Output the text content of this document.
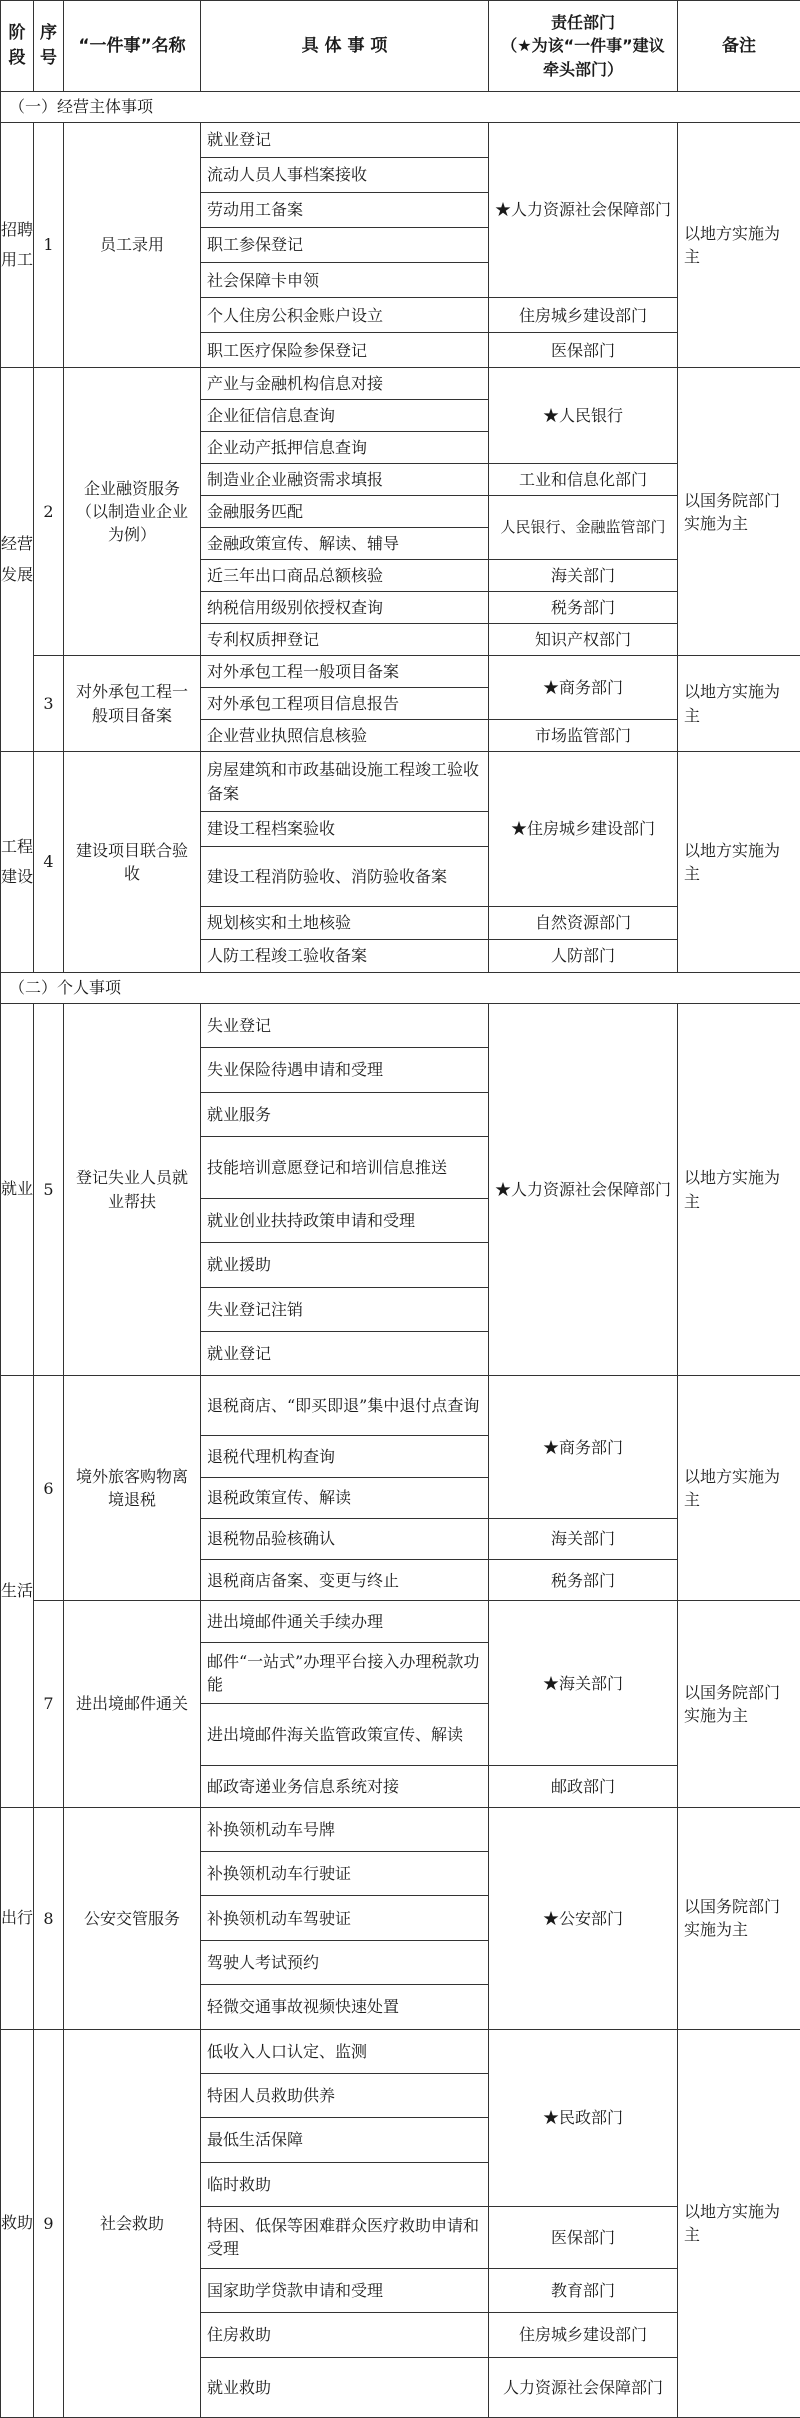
阶段	序号	“一件事”名称	具 体 事 项	责任部门
（★为该“一件事”建议牵头部门）	备注
（一）经营主体事项					
招聘用工	1	员工录用	就业登记	★人力资源社会保障部门	以地方实施为主
			流动人员人事档案接收		
			劳动用工备案		
			职工参保登记		
			社会保障卡申领		
			个人住房公积金账户设立	住房城乡建设部门	
			职工医疗保险参保登记	医保部门	
经营发展	2	企业融资服务（以制造业企业为例）	产业与金融机构信息对接	★人民银行	以国务院部门实施为主
			企业征信信息查询		
			企业动产抵押信息查询		
			制造业企业融资需求填报	工业和信息化部门	
			金融服务匹配	人民银行、金融监管部门	
			金融政策宣传、解读、辅导		
			近三年出口商品总额核验	海关部门	
			纳税信用级别依授权查询	税务部门	
			专利权质押登记	知识产权部门	
	3	对外承包工程一般项目备案	对外承包工程一般项目备案	★商务部门	以地方实施为主
			对外承包工程项目信息报告		
			企业营业执照信息核验	市场监管部门	
工程建设	4	建设项目联合验收	房屋建筑和市政基础设施工程竣工验收备案	★住房城乡建设部门	以地方实施为主
			建设工程档案验收		
			建设工程消防验收、消防验收备案		
			规划核实和土地核验	自然资源部门	
			人防工程竣工验收备案	人防部门	
（二）个人事项					
就业	5	登记失业人员就业帮扶	失业登记	★人力资源社会保障部门	以地方实施为主
			失业保险待遇申请和受理		
			就业服务		
			技能培训意愿登记和培训信息推送		
			就业创业扶持政策申请和受理		
			就业援助		
			失业登记注销		
			就业登记		
生活	6	境外旅客购物离境退税	退税商店、“即买即退”集中退付点查询	★商务部门	以地方实施为主
			退税代理机构查询		
			退税政策宣传、解读		
			退税物品验核确认	海关部门	
			退税商店备案、变更与终止	税务部门	
	7	进出境邮件通关	进出境邮件通关手续办理	★海关部门	以国务院部门实施为主
			邮件“一站式”办理平台接入办理税款功能		
			进出境邮件海关监管政策宣传、解读		
			邮政寄递业务信息系统对接	邮政部门	
出行	8	公安交管服务	补换领机动车号牌	★公安部门	以国务院部门实施为主
			补换领机动车行驶证		
			补换领机动车驾驶证		
			驾驶人考试预约		
			轻微交通事故视频快速处置		
救助	9	社会救助	低收入人口认定、监测	★民政部门	以地方实施为主
			特困人员救助供养		
			最低生活保障		
			临时救助		
			特困、低保等困难群众医疗救助申请和受理	医保部门	
			国家助学贷款申请和受理	教育部门	
			住房救助	住房城乡建设部门	
			就业救助	人力资源社会保障部门	
